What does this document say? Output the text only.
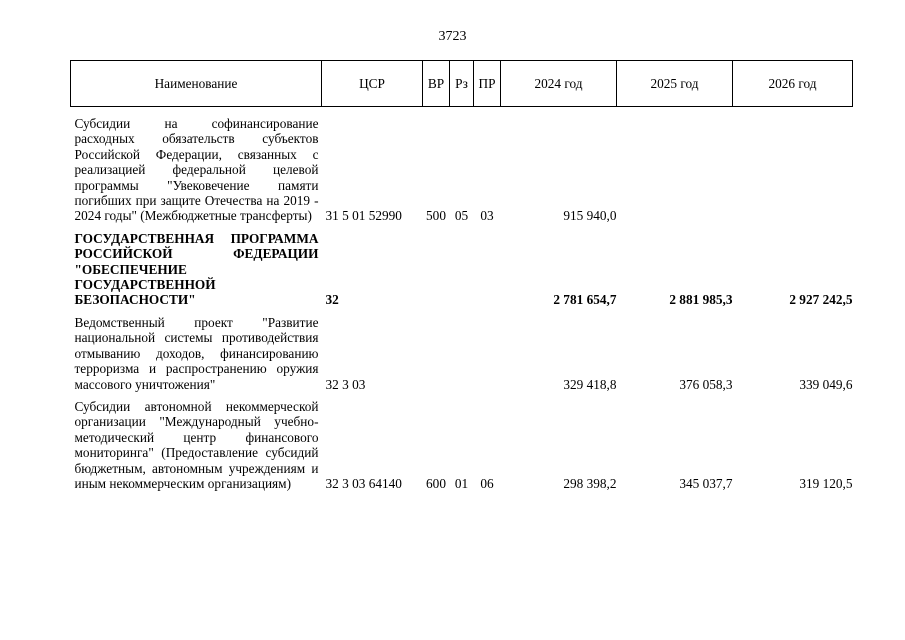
3723
Наименование	ЦСР	ВР	Рз	ПР	2024 год	2025 год	2026 год
Субсидии на софинансирование расходных обязательств субъектов Российской Федерации, связанных с реализацией федеральной целевой программы "Увековечение памяти погибших при защите Отечества на 2019 - 2024 годы" (Межбюджетные трансферты)	31 5 01 52990	500	05	03	915 940,0		
ГОСУДАРСТВЕННАЯ ПРОГРАММА РОССИЙСКОЙ ФЕДЕРАЦИИ "ОБЕСПЕЧЕНИЕ ГОСУДАРСТВЕННОЙ БЕЗОПАСНОСТИ"	32				2 781 654,7	2 881 985,3	2 927 242,5
Ведомственный проект "Развитие национальной системы противодействия отмыванию доходов, финансированию терроризма и распространению оружия массового уничтожения"	32 3 03				329 418,8	376 058,3	339 049,6
Субсидии автономной некоммерческой организации "Международный учебно-методический центр финансового мониторинга" (Предоставление субсидий бюджетным, автономным учреждениям и иным некоммерческим организациям)	32 3 03 64140	600	01	06	298 398,2	345 037,7	319 120,5
